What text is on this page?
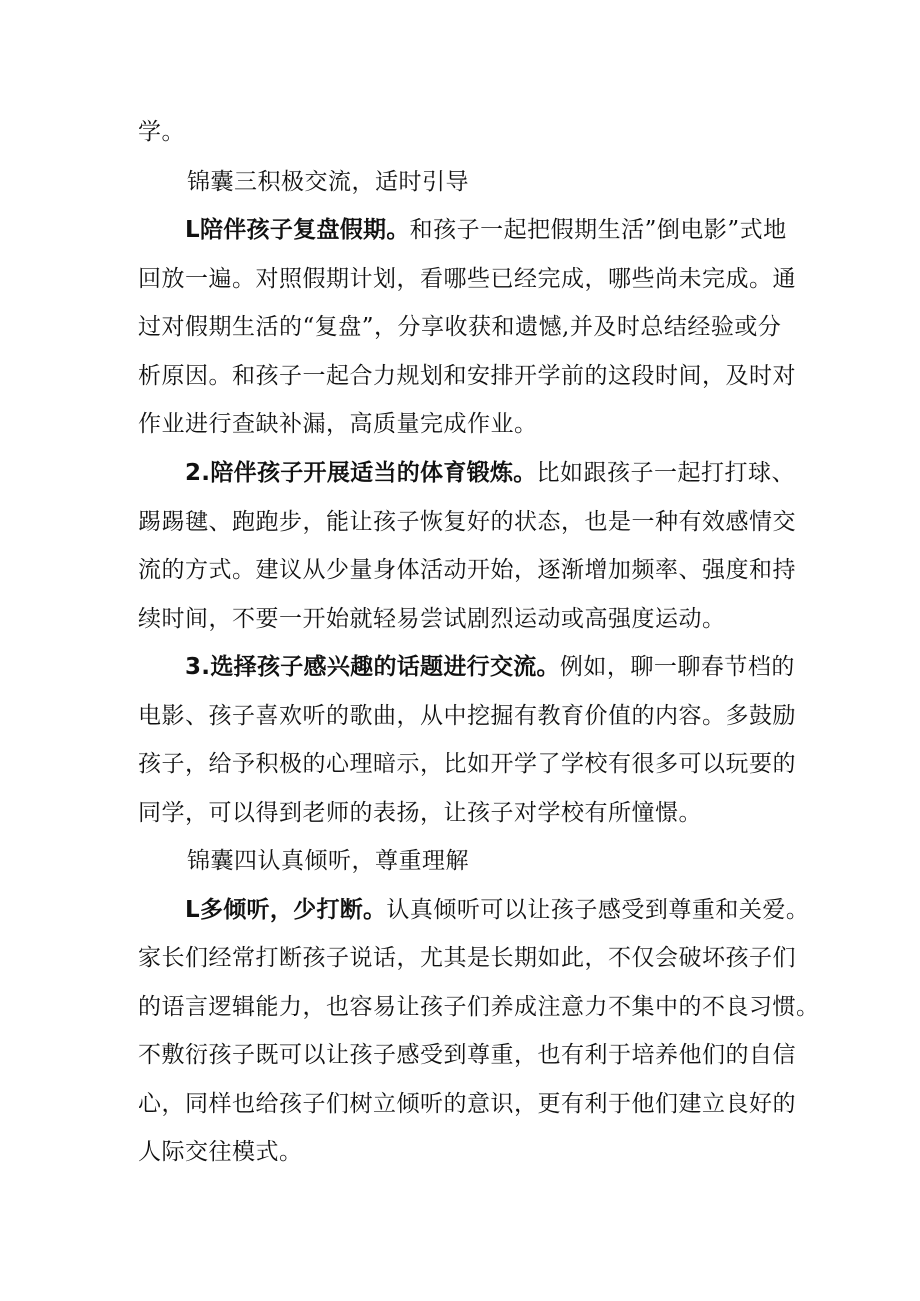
学。
锦囊三积极交流，适时引导
L陪伴孩子复盘假期。和孩子一起把假期生活”倒电影”式地
回放一遍。对照假期计划，看哪些已经完成，哪些尚未完成。通
过对假期生活的“复盘”，分享收获和遗憾,并及时总结经验或分
析原因。和孩子一起合力规划和安排开学前的这段时间，及时对
作业进行查缺补漏，高质量完成作业。
2.陪伴孩子开展适当的体育锻炼。比如跟孩子一起打打球、
踢踢毽、跑跑步，能让孩子恢复好的状态，也是一种有效感情交
流的方式。建议从少量身体活动开始，逐渐增加频率、强度和持
续时间，不要一开始就轻易尝试剧烈运动或高强度运动。
3.选择孩子感兴趣的话题进行交流。例如，聊一聊春节档的
电影、孩子喜欢听的歌曲，从中挖掘有教育价值的内容。多鼓励
孩子，给予积极的心理暗示，比如开学了学校有很多可以玩要的
同学，可以得到老师的表扬，让孩子对学校有所憧憬。
锦囊四认真倾听，尊重理解
L多倾听，少打断。认真倾听可以让孩子感受到尊重和关爱。
家长们经常打断孩子说话，尤其是长期如此，不仅会破坏孩子们
的语言逻辑能力，也容易让孩子们养成注意力不集中的不良习惯。
不敷衍孩子既可以让孩子感受到尊重，也有利于培养他们的自信
心，同样也给孩子们树立倾听的意识，更有利于他们建立良好的
人际交往模式。
